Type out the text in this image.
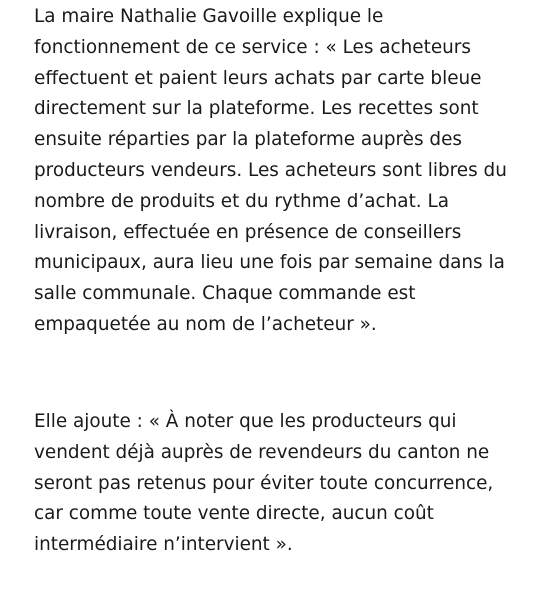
La maire Nathalie Gavoille explique le
fonctionnement de ce service : « Les acheteurs
effectuent et paient leurs achats par carte bleue
directement sur la plateforme. Les recettes sont
ensuite réparties par la plateforme auprès des
producteurs vendeurs. Les acheteurs sont libres du
nombre de produits et du rythme d’achat. La
livraison, effectuée en présence de conseillers
municipaux, aura lieu une fois par semaine dans la
salle communale. Chaque commande est
empaquetée au nom de l’acheteur ».

Elle ajoute : « À noter que les producteurs qui
vendent déjà auprès de revendeurs du canton ne
seront pas retenus pour éviter toute concurrence,
car comme toute vente directe, aucun coût
intermédiaire n’intervient ».
